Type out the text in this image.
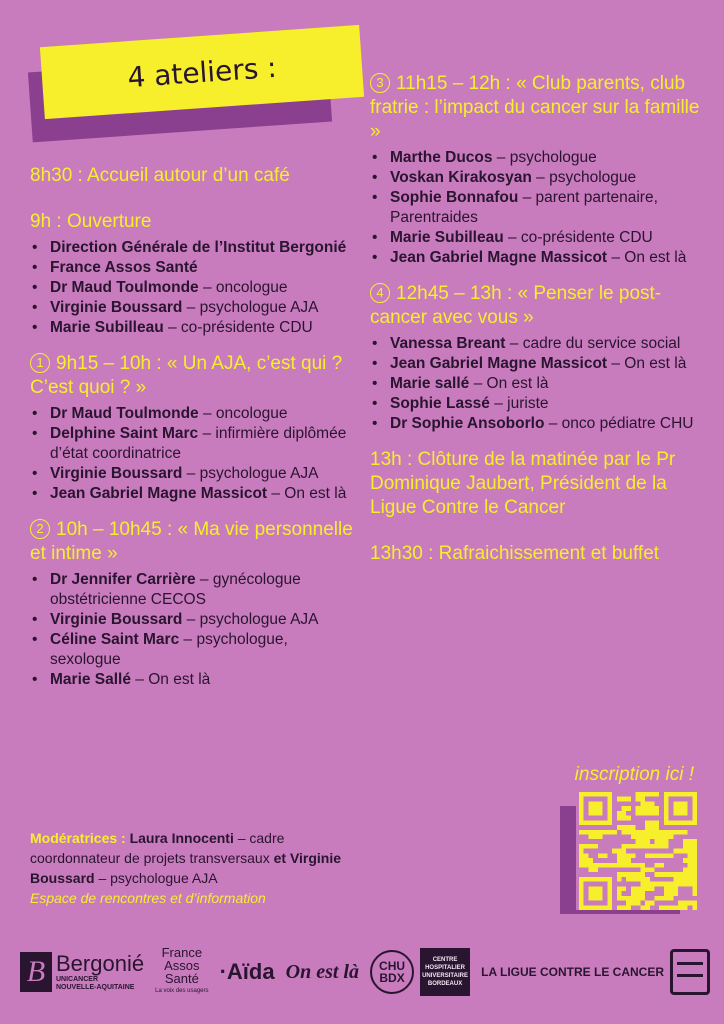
4 ateliers :
8h30 : Accueil autour d’un café
9h : Ouverture
• Direction Générale de l’Institut Bergonié
• France Assos Santé
• Dr Maud Toulmonde – oncologue
• Virginie Boussard – psychologue AJA
• Marie Subilleau – co-présidente CDU
1 9h15 – 10h : « Un AJA, c’est qui ? C’est quoi ? »
• Dr Maud Toulmonde – oncologue
• Delphine Saint Marc – infirmière diplômée d’état coordinatrice
• Virginie Boussard – psychologue AJA
• Jean Gabriel Magne Massicot – On est là
2 10h – 10h45 : « Ma vie personnelle et intime »
• Dr Jennifer Carrière – gynécologue obstétricienne CECOS
• Virginie Boussard – psychologue AJA
• Céline Saint Marc – psychologue, sexologue
• Marie Sallé – On est là
3 11h15 – 12h : « Club parents, club fratrie : l’impact du cancer sur la famille »
• Marthe Ducos – psychologue
• Voskan Kirakosyan – psychologue
• Sophie Bonnafou – parent partenaire, Parentraides
• Marie Subilleau – co-présidente CDU
• Jean Gabriel Magne Massicot – On est là
4 12h45 – 13h : « Penser le post-cancer avec vous »
• Vanessa Breant – cadre du service social
• Jean Gabriel Magne Massicot – On est là
• Marie sallé – On est là
• Sophie Lassé – juriste
• Dr Sophie Ansoborlo – onco pédiatre CHU
13h : Clôture de la matinée par le Pr Dominique Jaubert, Président de la Ligue Contre le Cancer
13h30 : Rafraichissement et buffet
inscription ici !
Modératrices : Laura Innocenti – cadre coordonnateur de projets transversaux et Virginie Boussard – psychologue AJA
Espace de rencontres et d’information
B Bergonié
UNICANCER
NOUVELLE-AQUITAINE
France
Assos
Santé
La voix des usagers
·Aïda On est là	CHU BDX
CENTRE HOSPITALIER UNIVERSITAIRE BORDEAUX
LA LIGUE CONTRE LE CANCER
